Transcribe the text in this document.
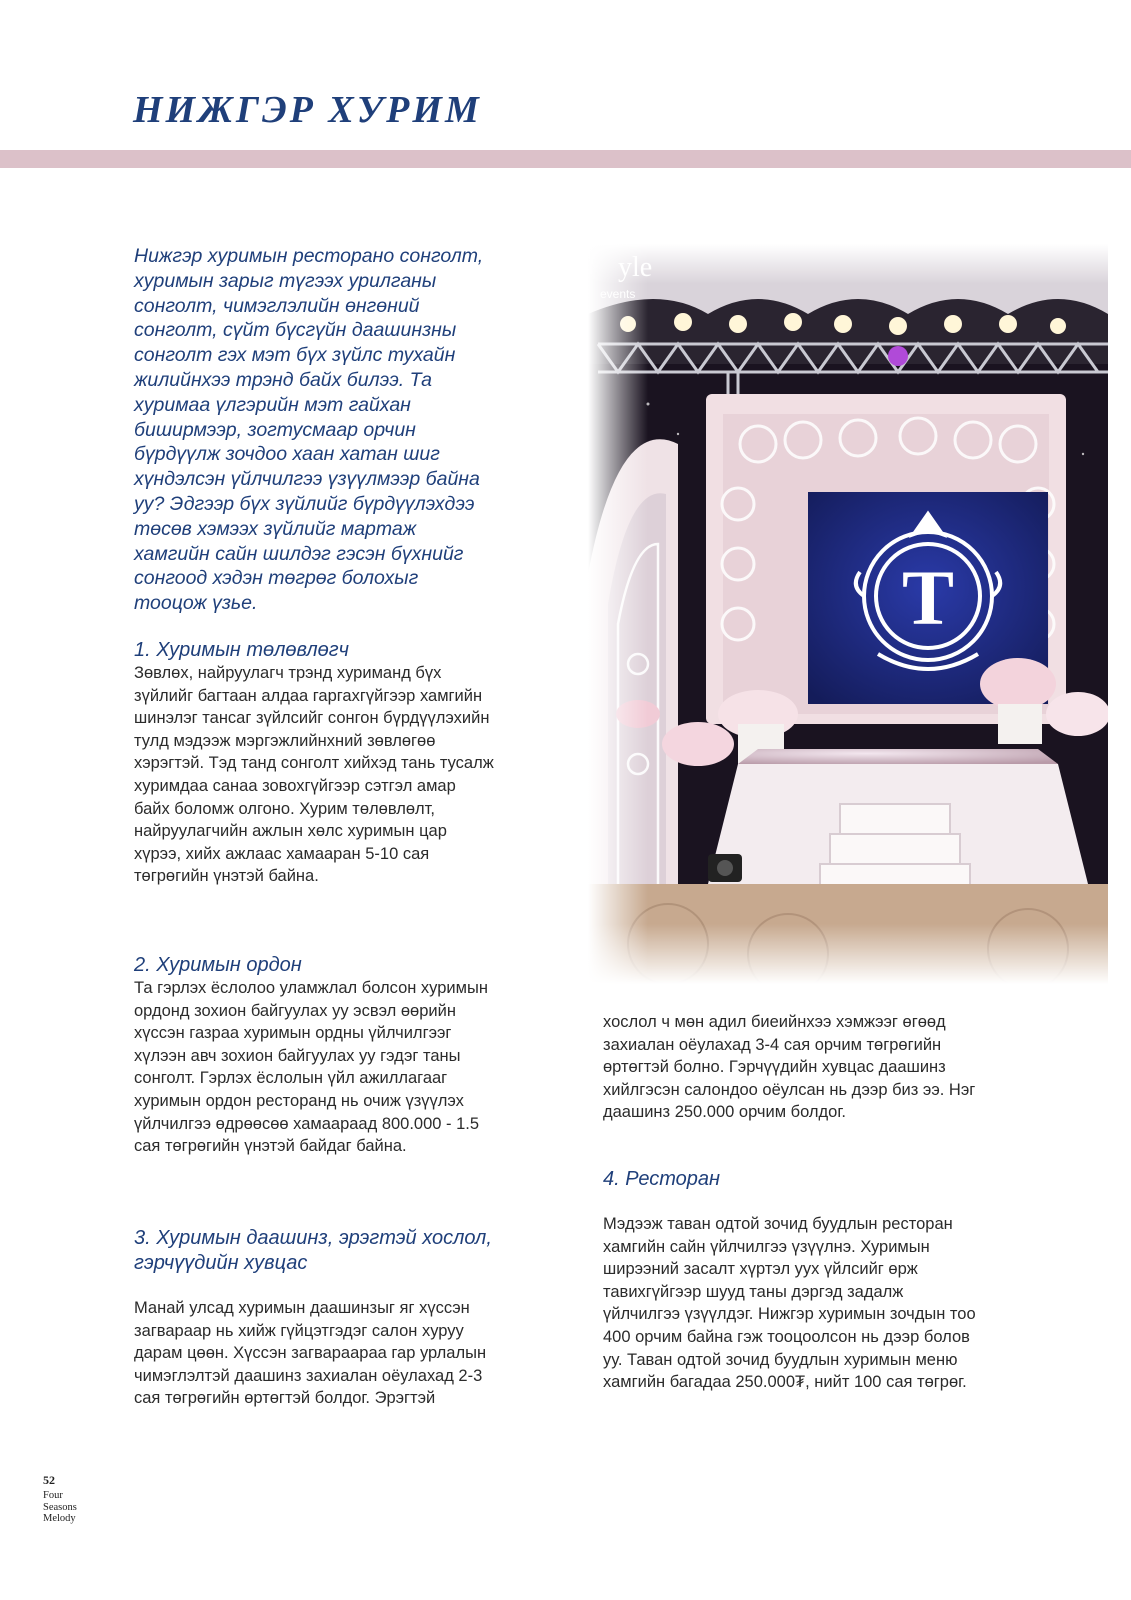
НИЖГЭР ХУРИМ
Нижгэр хуримын ресторано сонголт, хуримын зарыг түгээх урилганы сонголт, чимэглэлийн өнгөний сонголт, сүйт бүсгүйн даашинзны сонголт гэх мэт бүх зүйлс тухайн жилийнхээ трэнд байх билээ. Та хуримаа үлгэрийн мэт гайхан биширмээр, зогтусмаар орчин бүрдүүлж зочдоо хаан хатан шиг хүндэлсэн үйлчилгээ үзүүлмээр байна уу? Эдгээр бүх зүйлийг бүрдүүлэхдээ төсөв хэмээх зүйлийг мартаж хамгийн сайн шилдэг гэсэн бүхнийг сонгоод хэдэн төгрөг болохыг тооцож үзье.
1. Хуримын төлөвлөгч

Зөвлөх, найруулагч трэнд хуриманд бүх зүйлийг багтаан алдаа гаргахгүйгээр хамгийн шинэлэг тансаг зүйлсийг сонгон бүрдүүлэхийн тулд мэдээж мэргэжлийнхний зөвлөгөө хэрэгтэй. Тэд танд сонголт хийхэд тань тусалж хуримдаа санаа зовохгүйгээр сэтгэл амар байх боломж олгоно. Хурим төлөвлөлт, найруулагчийн ажлын хөлс хуримын цар хүрээ, хийх ажлаас хамааран 5-10 сая төгрөгийн үнэтэй байна.

2. Хуримын ордон

Та гэрлэх ёслолоо уламжлал болсон хуримын ордонд зохион байгуулах уу эсвэл өөрийн хүссэн газраа хуримын ордны үйлчилгээг хүлээн авч зохион байгуулах уу гэдэг таны сонголт. Гэрлэх ёслолын үйл ажиллагааг хуримын ордон ресторанд нь очиж үзүүлэх үйлчилгээ өдрөөсөө хамаараад 800.000 - 1.5 сая төгрөгийн үнэтэй байдаг байна.

3. Хуримын даашинз, эрэгтэй хослол, гэрчүүдийн хувцас

Манай улсад хуримын даашинзыг яг хүссэн загвараар нь хийж гүйцэтгэдэг салон хуруу дарам цөөн. Хүссэн загвараараа гар урлалын чимэглэлтэй даашинз захиалан оёулахад 2-3 сая төгрөгийн өртөгтэй болдог. Эрэгтэй

хослол ч мөн адил биеийнхээ хэмжээг өгөөд захиалан оёулахад 3-4 сая орчим төгрөгийн өртөгтэй болно. Гэрчүүдийн хувцас даашинз хийлгэсэн салондоо оёулсан нь дээр биз ээ. Нэг даашинз 250.000 орчим болдог.

4. Ресторан

Мэдээж таван одтой зочид буудлын ресторан хамгийн сайн үйлчилгээ үзүүлнэ. Хуримын ширээний засалт хүртэл уух үйлсийг өрж тавихгүйгээр шууд таны дэргэд задалж үйлчилгээ үзүүлдэг. Нижгэр хуримын зочдын тоо 400 орчим байна гэж тооцоолсон нь дээр болов уу. Таван одтой зочид буудлын хуримын меню хамгийн багадаа 250.000₮, нийт 100 сая төгрөг.

T
52
Four
Seasons
Melody
